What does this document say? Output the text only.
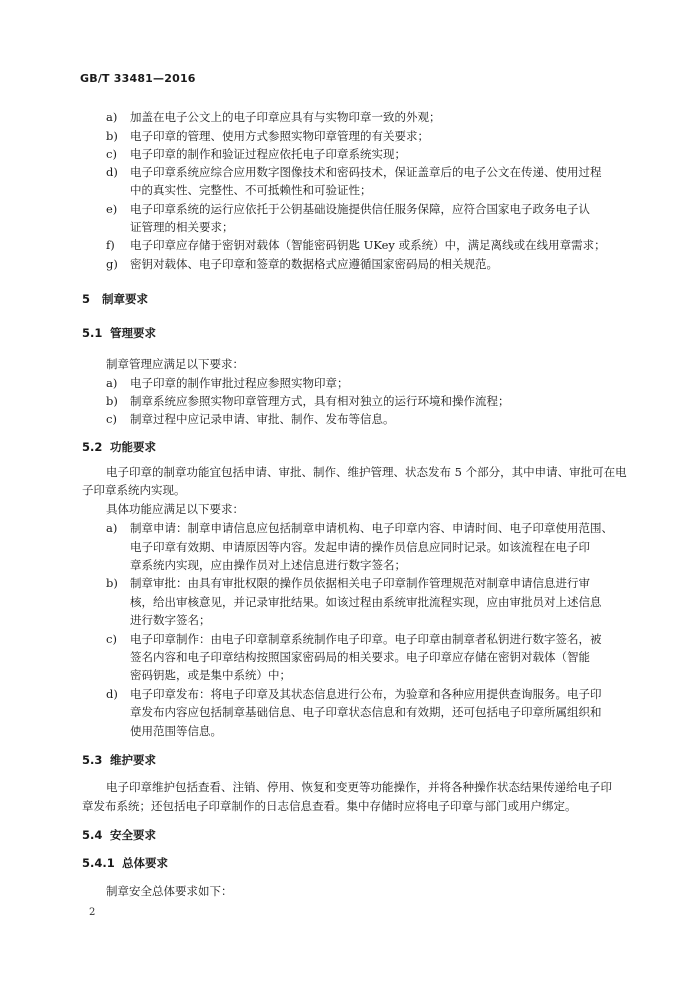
GB/T 33481—2016
a) 加盖在电子公文上的电子印章应具有与实物印章一致的外观；
b) 电子印章的管理、使用方式参照实物印章管理的有关要求；
c) 电子印章的制作和验证过程应依托电子印章系统实现；
d) 电子印章系统应综合应用数字图像技术和密码技术，保证盖章后的电子公文在传递、使用过程
中的真实性、完整性、不可抵赖性和可验证性；
e) 电子印章系统的运行应依托于公钥基础设施提供信任服务保障，应符合国家电子政务电子认
证管理的相关要求；
f) 电子印章应存储于密钥对载体（智能密码钥匙 UKey 或系统）中，满足离线或在线用章需求；
g) 密钥对载体、电子印章和签章的数据格式应遵循国家密码局的相关规范。
5 制章要求
5.1 管理要求
制章管理应满足以下要求：
a) 电子印章的制作审批过程应参照实物印章；
b) 制章系统应参照实物印章管理方式，具有相对独立的运行环境和操作流程；
c) 制章过程中应记录申请、审批、制作、发布等信息。
5.2 功能要求
电子印章的制章功能宜包括申请、审批、制作、维护管理、状态发布 5 个部分，其中申请、审批可在电
子印章系统内实现。
具体功能应满足以下要求：
a) 制章申请：制章申请信息应包括制章申请机构、电子印章内容、申请时间、电子印章使用范围、
电子印章有效期、申请原因等内容。发起申请的操作员信息应同时记录。如该流程在电子印
章系统内实现，应由操作员对上述信息进行数字签名；
b) 制章审批：由具有审批权限的操作员依据相关电子印章制作管理规范对制章申请信息进行审
核，给出审核意见，并记录审批结果。如该过程由系统审批流程实现，应由审批员对上述信息
进行数字签名；
c) 电子印章制作：由电子印章制章系统制作电子印章。电子印章由制章者私钥进行数字签名，被
签名内容和电子印章结构按照国家密码局的相关要求。电子印章应存储在密钥对载体（智能
密码钥匙，或是集中系统）中；
d) 电子印章发布：将电子印章及其状态信息进行公布，为验章和各种应用提供查询服务。电子印
章发布内容应包括制章基础信息、电子印章状态信息和有效期，还可包括电子印章所属组织和
使用范围等信息。
5.3 维护要求
电子印章维护包括查看、注销、停用、恢复和变更等功能操作，并将各种操作状态结果传递给电子印
章发布系统；还包括电子印章制作的日志信息查看。集中存储时应将电子印章与部门或用户绑定。
5.4 安全要求
5.4.1 总体要求
制章安全总体要求如下：
2
